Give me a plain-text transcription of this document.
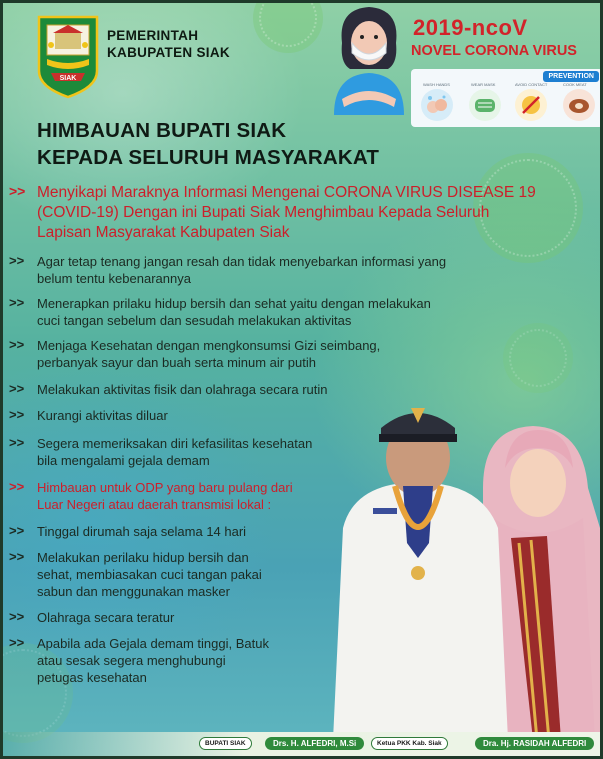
SIAK
PEMERINTAH
KABUPATEN SIAK
2019-ncoV
NOVEL CORONA VIRUS
PREVENTION
WASH HANDS	WEAR MASK	AVOID CONTACT	COOK MEAT
HIMBAUAN BUPATI SIAK
KEPADA SELURUH MASYARAKAT
>> Menyikapi Maraknya Informasi Mengenai CORONA VIRUS DISEASE 19
(COVID-19) Dengan ini Bupati Siak Menghimbau Kepada Seluruh
Lapisan Masyarakat Kabupaten Siak
>> Agar tetap tenang jangan resah dan tidak menyebarkan informasi yang
belum tentu kebenarannya
>> Menerapkan prilaku hidup bersih dan sehat yaitu dengan melakukan
cuci tangan sebelum dan sesudah melakukan aktivitas
>> Menjaga Kesehatan dengan mengkonsumsi Gizi seimbang,
perbanyak sayur dan buah serta minum air putih
>> Melakukan aktivitas fisik dan olahraga secara rutin
>> Kurangi aktivitas diluar
>> Segera memeriksakan diri kefasilitas kesehatan
bila mengalami gejala demam
>> Himbauan untuk ODP yang baru pulang dari
Luar Negeri atau daerah transmisi lokal :
>> Tinggal dirumah saja selama 14 hari
>> Melakukan perilaku hidup bersih dan
sehat, membiasakan cuci tangan pakai
sabun dan menggunakan masker
>> Olahraga secara teratur
>> Apabila ada Gejala demam tinggi, Batuk
atau sesak segera menghubungi
petugas kesehatan
BUPATI SIAK	Drs. H. ALFEDRI, M.Si	Ketua PKK Kab. Siak	Dra. Hj. RASIDAH ALFEDRI
